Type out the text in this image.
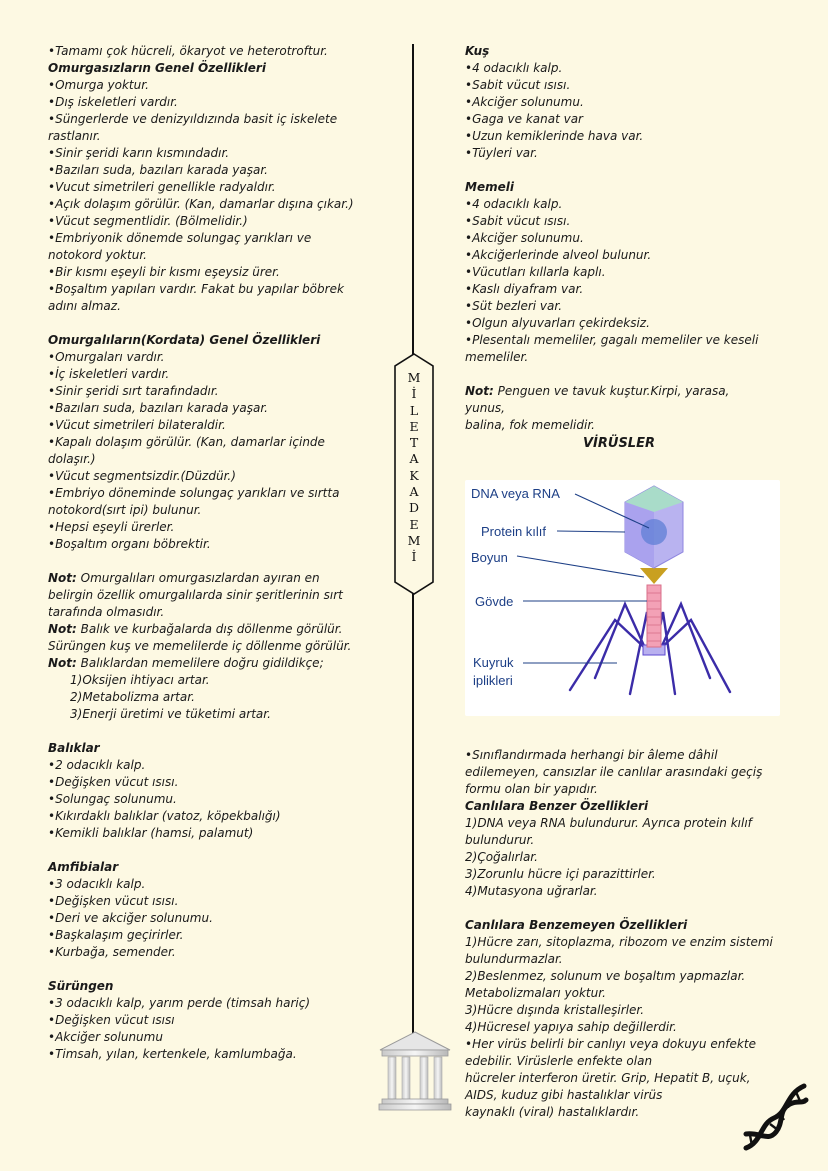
M
İ
L
E
T
A
K
A
D
E
M
İ

•Tamamı çok hücreli, ökaryot ve heterotroftur.

Omurgasızların Genel Özellikleri

•Omurga yoktur.

•Dış iskeletleri vardır.

•Süngerlerde ve denizyıldızında basit iç iskelete

rastlanır.

•Sinir şeridi karın kısmındadır.

•Bazıları suda, bazıları karada yaşar.

•Vucut simetrileri genellikle radyaldır.

•Açık dolaşım görülür. (Kan, damarlar dışına çıkar.)

•Vücut segmentlidir. (Bölmelidir.)

•Embriyonik dönemde solungaç yarıkları ve

notokord yoktur.

•Bir kısmı eşeyli bir kısmı eşeysiz ürer.

•Boşaltım yapıları vardır. Fakat bu yapılar böbrek

adını almaz.

Omurgalıların(Kordata) Genel Özellikleri

•Omurgaları vardır.

•İç iskeletleri vardır.

•Sinir şeridi sırt tarafındadır.

•Bazıları suda, bazıları karada yaşar.

•Vücut simetrileri bilateraldir.

•Kapalı dolaşım görülür. (Kan, damarlar içinde

dolaşır.)

•Vücut segmentsizdir.(Düzdür.)

•Embriyo döneminde solungaç yarıkları ve sırtta

notokord(sırt ipi) bulunur.

•Hepsi eşeyli ürerler.

•Boşaltım organı böbrektir.

Not: Omurgalıları omurgasızlardan ayıran en

belirgin özellik omurgalılarda sinir şeritlerinin sırt

tarafında olmasıdır.

Not: Balık ve kurbağalarda dış döllenme görülür.

Sürüngen kuş ve memelilerde iç döllenme görülür.

Not: Balıklardan memelilere doğru gidildikçe;

1)Oksijen ihtiyacı artar.

2)Metabolizma artar.

3)Enerji üretimi ve tüketimi artar.

Balıklar

•2 odacıklı kalp.

•Değişken vücut ısısı.

•Solungaç solunumu.

•Kıkırdaklı balıklar (vatoz, köpekbalığı)

•Kemikli balıklar (hamsi, palamut)

Amfibialar

•3 odacıklı kalp.

•Değişken vücut ısısı.

•Deri ve akciğer solunumu.

•Başkalaşım geçirirler.

•Kurbağa, semender.

Sürüngen

•3 odacıklı kalp, yarım perde (timsah hariç)

•Değişken vücut ısısı

•Akciğer solunumu

•Timsah, yılan, kertenkele, kamlumbağa.

Kuş

•4 odacıklı kalp.

•Sabit vücut ısısı.

•Akciğer solunumu.

•Gaga ve kanat var

•Uzun kemiklerinde hava var.

•Tüyleri var.

Memeli

•4 odacıklı kalp.

•Sabit vücut ısısı.

•Akciğer solunumu.

•Akciğerlerinde alveol bulunur.

•Vücutları kıllarla kaplı.

•Kaslı diyafram var.

•Süt bezleri var.

•Olgun alyuvarları çekirdeksiz.

•Plesentalı memeliler, gagalı memeliler ve keseli

memeliler.

Not: Penguen ve tavuk kuştur.Kirpi, yarasa, yunus,

balina, fok memelidir.

VİRÜSLER
DNA veya RNA
Protein kılıf
Boyun
Gövde
Kuyruk
iplikleri

•Sınıflandırmada herhangi bir âleme dâhil

edilemeyen, cansızlar ile canlılar arasındaki geçiş

formu olan bir yapıdır.

Canlılara Benzer Özellikleri

1)DNA veya RNA bulundurur. Ayrıca protein kılıf

bulundurur.

2)Çoğalırlar.

3)Zorunlu hücre içi parazittirler.

4)Mutasyona uğrarlar.

Canlılara Benzemeyen Özellikleri

1)Hücre zarı, sitoplazma, ribozom ve enzim sistemi

bulundurmazlar.

2)Beslenmez, solunum ve boşaltım yapmazlar.

Metabolizmaları yoktur.

3)Hücre dışında kristalleşirler.

4)Hücresel yapıya sahip değillerdir.

•Her virüs belirli bir canlıyı veya dokuyu enfekte

edebilir. Virüslerle enfekte olan

hücreler interferon üretir. Grip, Hepatit B, uçuk,

AIDS, kuduz gibi hastalıklar virüs

kaynaklı (viral) hastalıklardır.
